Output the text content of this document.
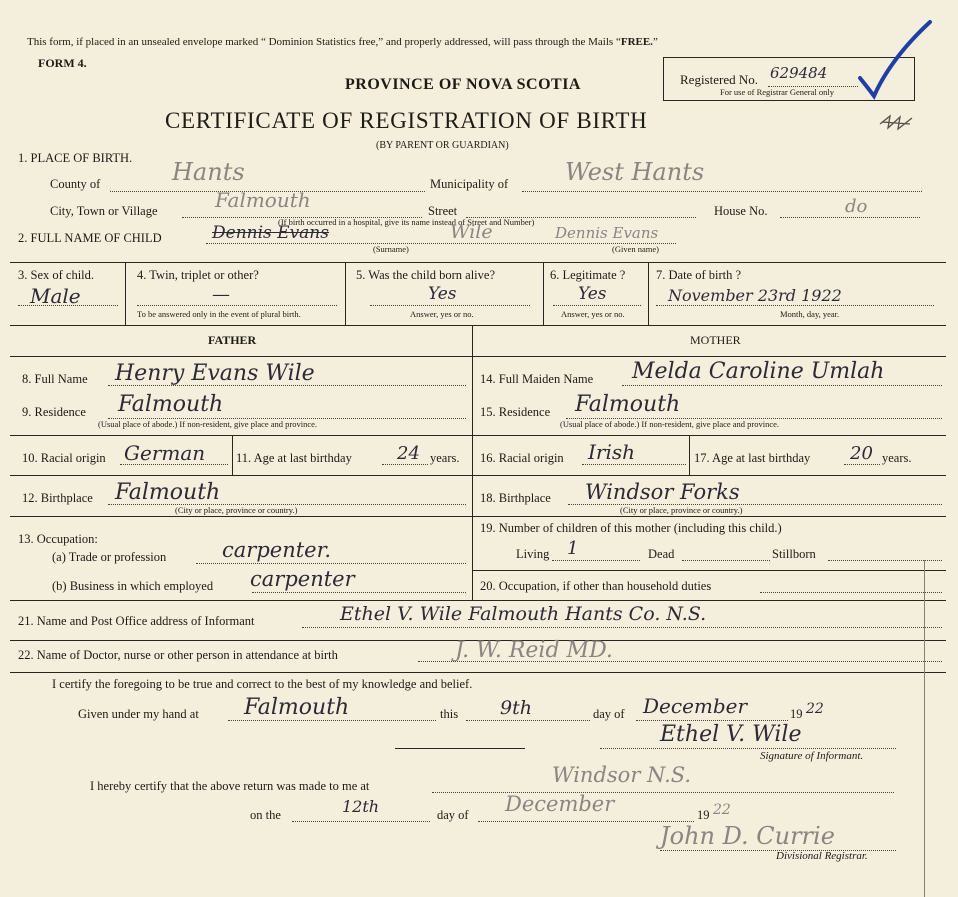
This form, if placed in an unsealed envelope marked “ Dominion Statistics free,” and properly addressed, will pass through the Mails “FREE.”
FORM 4.
PROVINCE OF NOVA SCOTIA
CERTIFICATE OF REGISTRATION OF BIRTH
(BY PARENT OR GUARDIAN)
Registered No. 629484
For use of Registrar General only
1. PLACE OF BIRTH.
County of	Hants	Municipality of West Hants
City, Town or Village	Falmouth	Street	House No.	do
(If birth occurred in a hospital, give its name instead of Street and Number)
2. FULL NAME OF CHILD	Dennis Evans	Wile	Dennis Evans
(Surname)	(Given name)
3. Sex of child.
Male
4. Twin, triplet or other?
—
To be answered only in the event of plural birth.
5. Was the child born alive?
Yes
Answer, yes or no.
6. Legitimate ?
Yes
Answer, yes or no.
7. Date of birth ?
November 23rd 1922
Month, day, year.
FATHER
8. Full Name Henry Evans Wile
9. Residence Falmouth
(Usual place of abode.) If non-resident, give place and province.
10. Racial origin German 11. Age at last birthday	24 years.
12. Birthplace Falmouth
(City or place, province or country.)
13. Occupation:
(a) Trade or profession	carpenter.
(b) Business in which employed carpenter
MOTHER
14. Full Maiden Name Melda Caroline Umlah
15. Residence Falmouth
(Usual place of abode.) If non-resident, give place and province.
16. Racial origin Irish	17. Age at last birthday 20 years.
18. Birthplace Windsor Forks
(City or place, province or country.)
19. Number of children of this mother (including this child.)
Living 1	Dead	Stillborn
20. Occupation, if other than household duties
21. Name and Post Office address of Informant	Ethel V. Wile Falmouth Hants Co. N.S.
22. Name of Doctor, nurse or other person in attendance at birth	J. W. Reid MD.
I certify the foregoing to be true and correct to the best of my knowledge and belief.
Given under my hand at Falmouth	this 9th	day of December	19 22
Ethel V. Wile
Signature of Informant.
I hereby certify that the above return was made to me at	Windsor N.S.
on the	12th	day of December	19 22
John D. Currie
Divisional Registrar.
